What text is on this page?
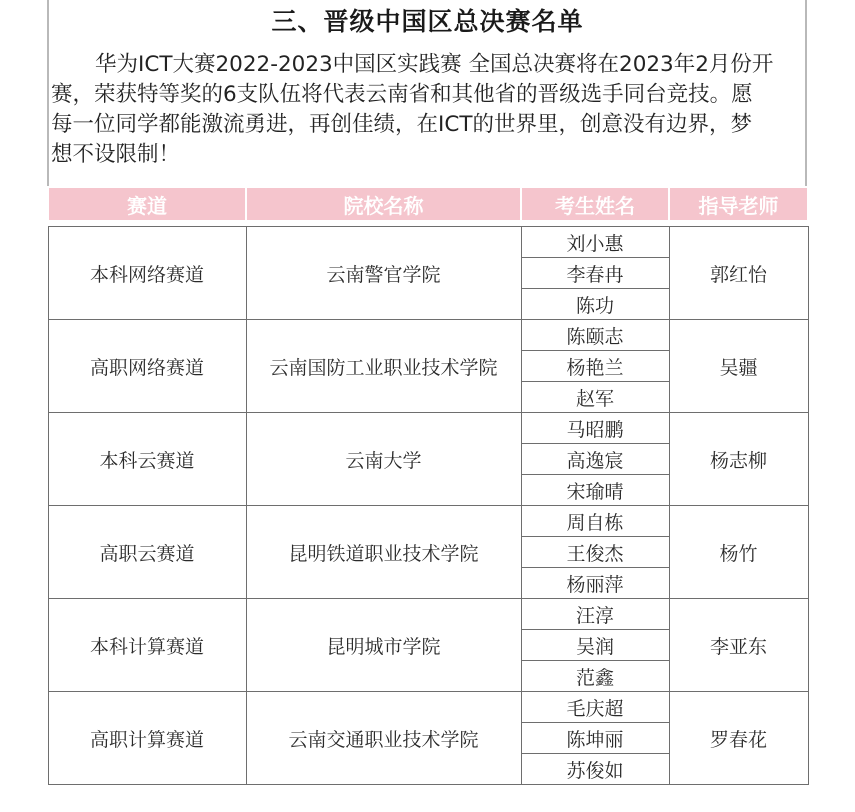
三、晋级中国区总决赛名单
华为ICT大赛2022-2023中国区实践赛 全国总决赛将在2023年2月份开
赛，荣获特等奖的6支队伍将代表云南省和其他省的晋级选手同台竞技。愿
每一位同学都能激流勇进，再创佳绩，在ICT的世界里，创意没有边界，梦
想不设限制！
赛道	院校名称	考生姓名	指导老师

本科网络赛道	云南警官学院	刘小惠	郭红怡
		李春冉	
		陈功	
高职网络赛道	云南国防工业职业技术学院	陈颐志	吴疆
		杨艳兰	
		赵军	
本科云赛道	云南大学	马昭鹏	杨志柳
		高逸宸	
		宋瑜晴	
高职云赛道	昆明铁道职业技术学院	周自栋	杨竹
		王俊杰	
		杨丽萍	
本科计算赛道	昆明城市学院	汪淳	李亚东
		吴润	
		范鑫	
高职计算赛道	云南交通职业技术学院	毛庆超	罗春花
		陈坤丽	
		苏俊如	
